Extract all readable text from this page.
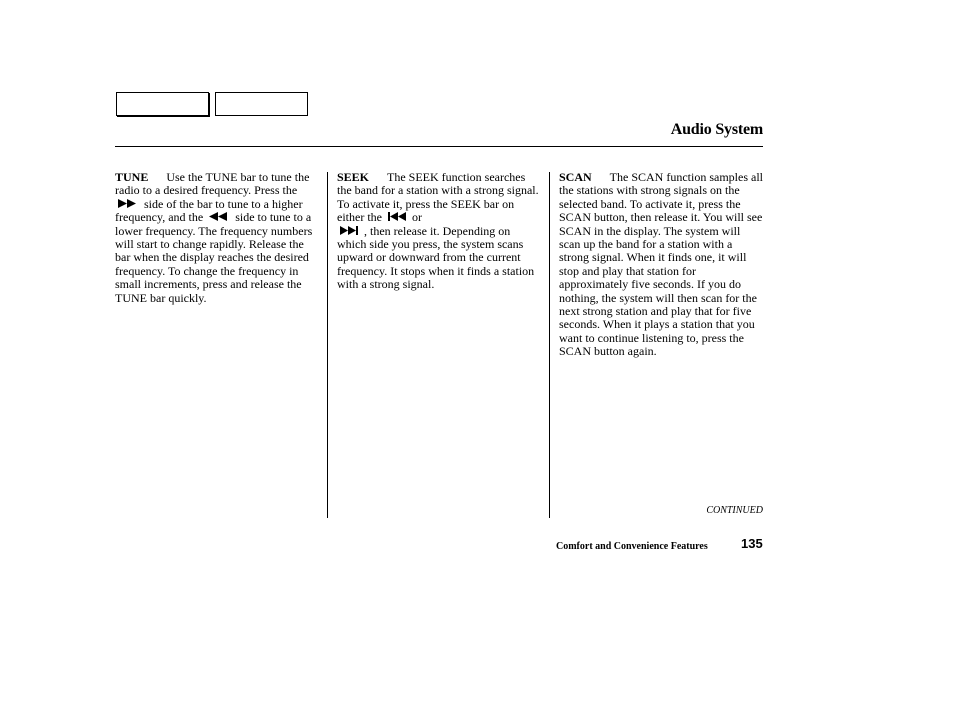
Audio System

TUNE Use the TUNE bar to tune the radio to a desired frequency. Press the
side of the bar to tune to a higher frequency, and the	side to tune to a lower frequency. The frequency numbers will start to change rapidly. Release the bar when the display reaches the desired frequency. To change the frequency in small increments, press and release the TUNE bar quickly.

SEEK The SEEK function searches the band for a station with a strong signal. To activate it, press the SEEK bar on either the	or

, then release it. Depending on which side you press, the system scans upward or downward from the current frequency. It stops when it finds a station with a strong signal.

SCAN The SCAN function samples all the stations with strong signals on the selected band. To activate it, press the SCAN button, then release it. You will see SCAN in the display. The system will scan up the band for a station with a strong signal. When it finds one, it will stop and play that station for approximately five seconds. If you do nothing, the system will then scan for the next strong station and play that for five seconds. When it plays a station that you want to continue listening to, press the SCAN button again.

CONTINUED

Comfort and Convenience Features	135
